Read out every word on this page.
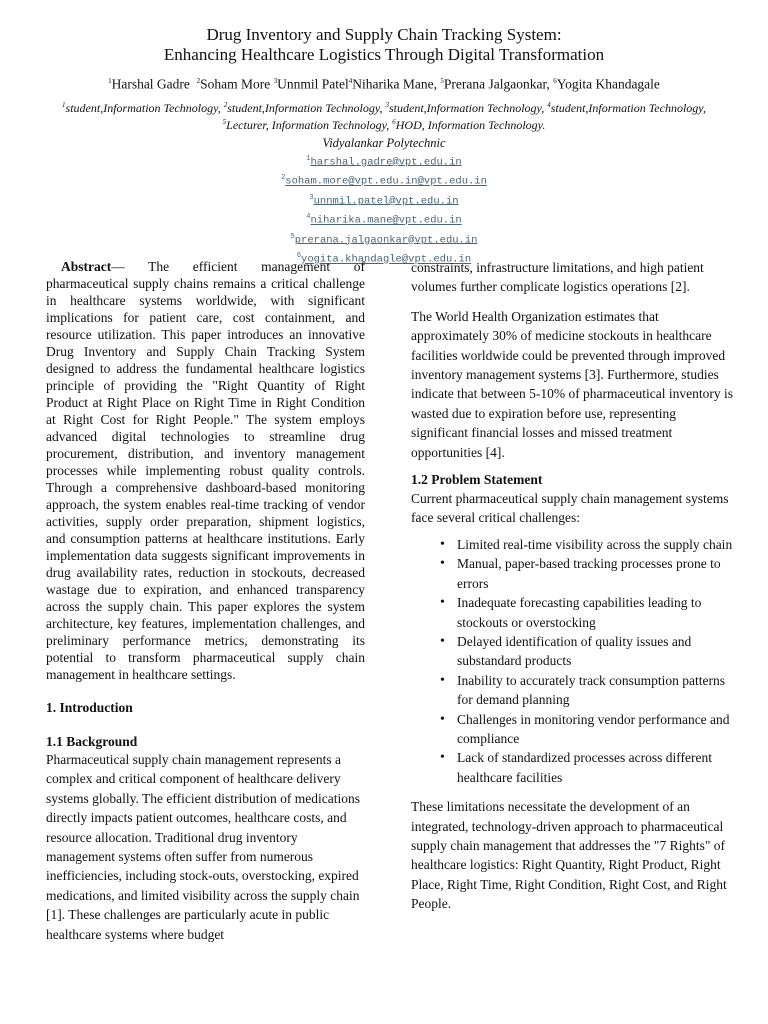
Drug Inventory and Supply Chain Tracking System:
Enhancing Healthcare Logistics Through Digital Transformation
$^1$Harshal Gadre $^2$Soham More $^3$Unnmil Patel$^4$Niharika Mane, $^5$Prerana Jalgaonkar, $^6$Yogita Khandagale
$^1$student,Information Technology, $^2$student,Information Technology, $^3$student,Information Technology, $^4$student,Information Technology, $^5$Lecturer, Information Technology, $^6$HOD, Information Technology.
Vidyalankar Polytechnic
$^1$harshal.gadre@vpt.edu.in
$^2$soham.more@vpt.edu.in@vpt.edu.in
$^3$unnmil.patel@vpt.edu.in
$^4$niharika.mane@vpt.edu.in
$^5$prerana.jalgaonkar@vpt.edu.in
$^6$yogita.khandagle@vpt.edu.in

Abstract— The efficient management of pharmaceutical supply chains remains a critical challenge in healthcare systems worldwide, with significant implications for patient care, cost containment, and resource utilization. This paper introduces an innovative Drug Inventory and Supply Chain Tracking System designed to address the fundamental healthcare logistics principle of providing the "Right Quantity of Right Product at Right Place on Right Time in Right Condition at Right Cost for Right People." The system employs advanced digital technologies to streamline drug procurement, distribution, and inventory management processes while implementing robust quality controls. Through a comprehensive dashboard-based monitoring approach, the system enables real-time tracking of vendor activities, supply order preparation, shipment logistics, and consumption patterns at healthcare institutions. Early implementation data suggests significant improvements in drug availability rates, reduction in stockouts, decreased wastage due to expiration, and enhanced transparency across the supply chain. This paper explores the system architecture, key features, implementation challenges, and preliminary performance metrics, demonstrating its potential to transform pharmaceutical supply chain management in healthcare settings.

1. Introduction
1.1 Background

Pharmaceutical supply chain management represents a complex and critical component of healthcare delivery systems globally. The efficient distribution of medications directly impacts patient outcomes, healthcare costs, and resource allocation. Traditional drug inventory management systems often suffer from numerous inefficiencies, including stock-outs, overstocking, expired medications, and limited visibility across the supply chain [1]. These challenges are particularly acute in public healthcare systems where budget

constraints, infrastructure limitations, and high patient volumes further complicate logistics operations [2].

The World Health Organization estimates that approximately 30% of medicine stockouts in healthcare facilities worldwide could be prevented through improved inventory management systems [3]. Furthermore, studies indicate that between 5-10% of pharmaceutical inventory is wasted due to expiration before use, representing significant financial losses and missed treatment opportunities [4].

1.2 Problem Statement

Current pharmaceutical supply chain management systems face several critical challenges:

• Limited real-time visibility across the supply chain
• Manual, paper-based tracking processes prone to errors
• Inadequate forecasting capabilities leading to stockouts or overstocking
• Delayed identification of quality issues and substandard products
• Inability to accurately track consumption patterns for demand planning
• Challenges in monitoring vendor performance and compliance
• Lack of standardized processes across different healthcare facilities

These limitations necessitate the development of an integrated, technology-driven approach to pharmaceutical supply chain management that addresses the "7 Rights" of healthcare logistics: Right Quantity, Right Product, Right Place, Right Time, Right Condition, Right Cost, and Right People.
